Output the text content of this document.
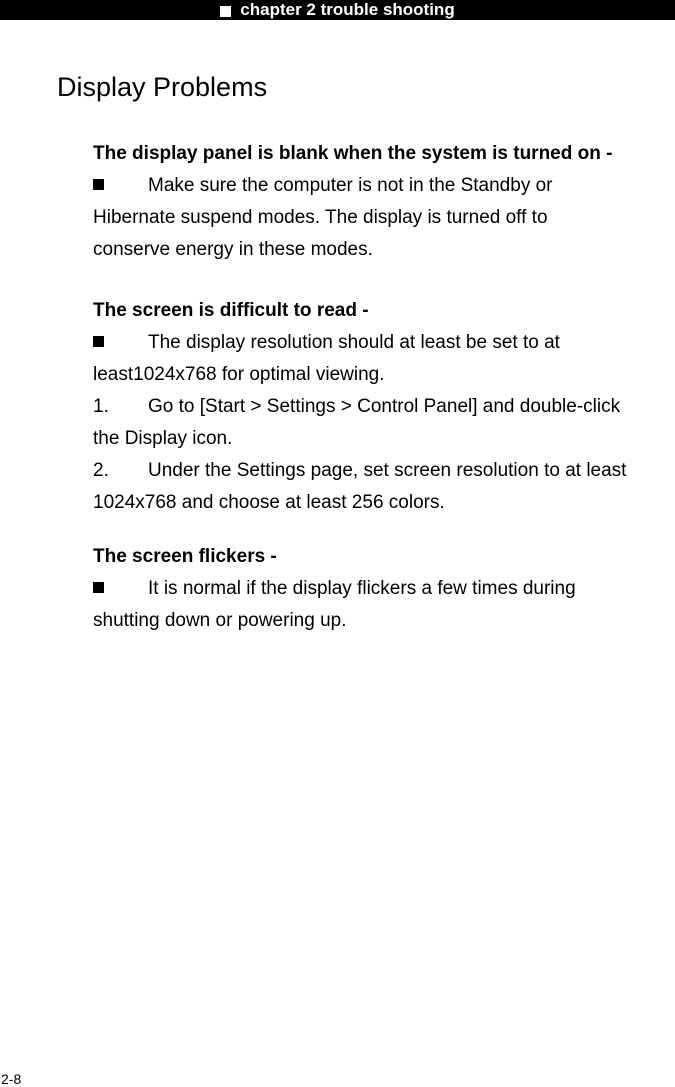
chapter 2 trouble shooting
Display Problems

The display panel is blank when the system is turned on -

Make sure the computer is not in the Standby or
Hibernate suspend modes. The display is turned off to
conserve energy in these modes.

The screen is difficult to read -

The display resolution should at least be set to at
least1024x768 for optimal viewing.
1. Go to [Start > Settings > Control Panel] and double-click
the Display icon.
2. Under the Settings page, set screen resolution to at least
1024x768 and choose at least 256 colors.

The screen flickers -

It is normal if the display flickers a few times during
shutting down or powering up.
2-8
